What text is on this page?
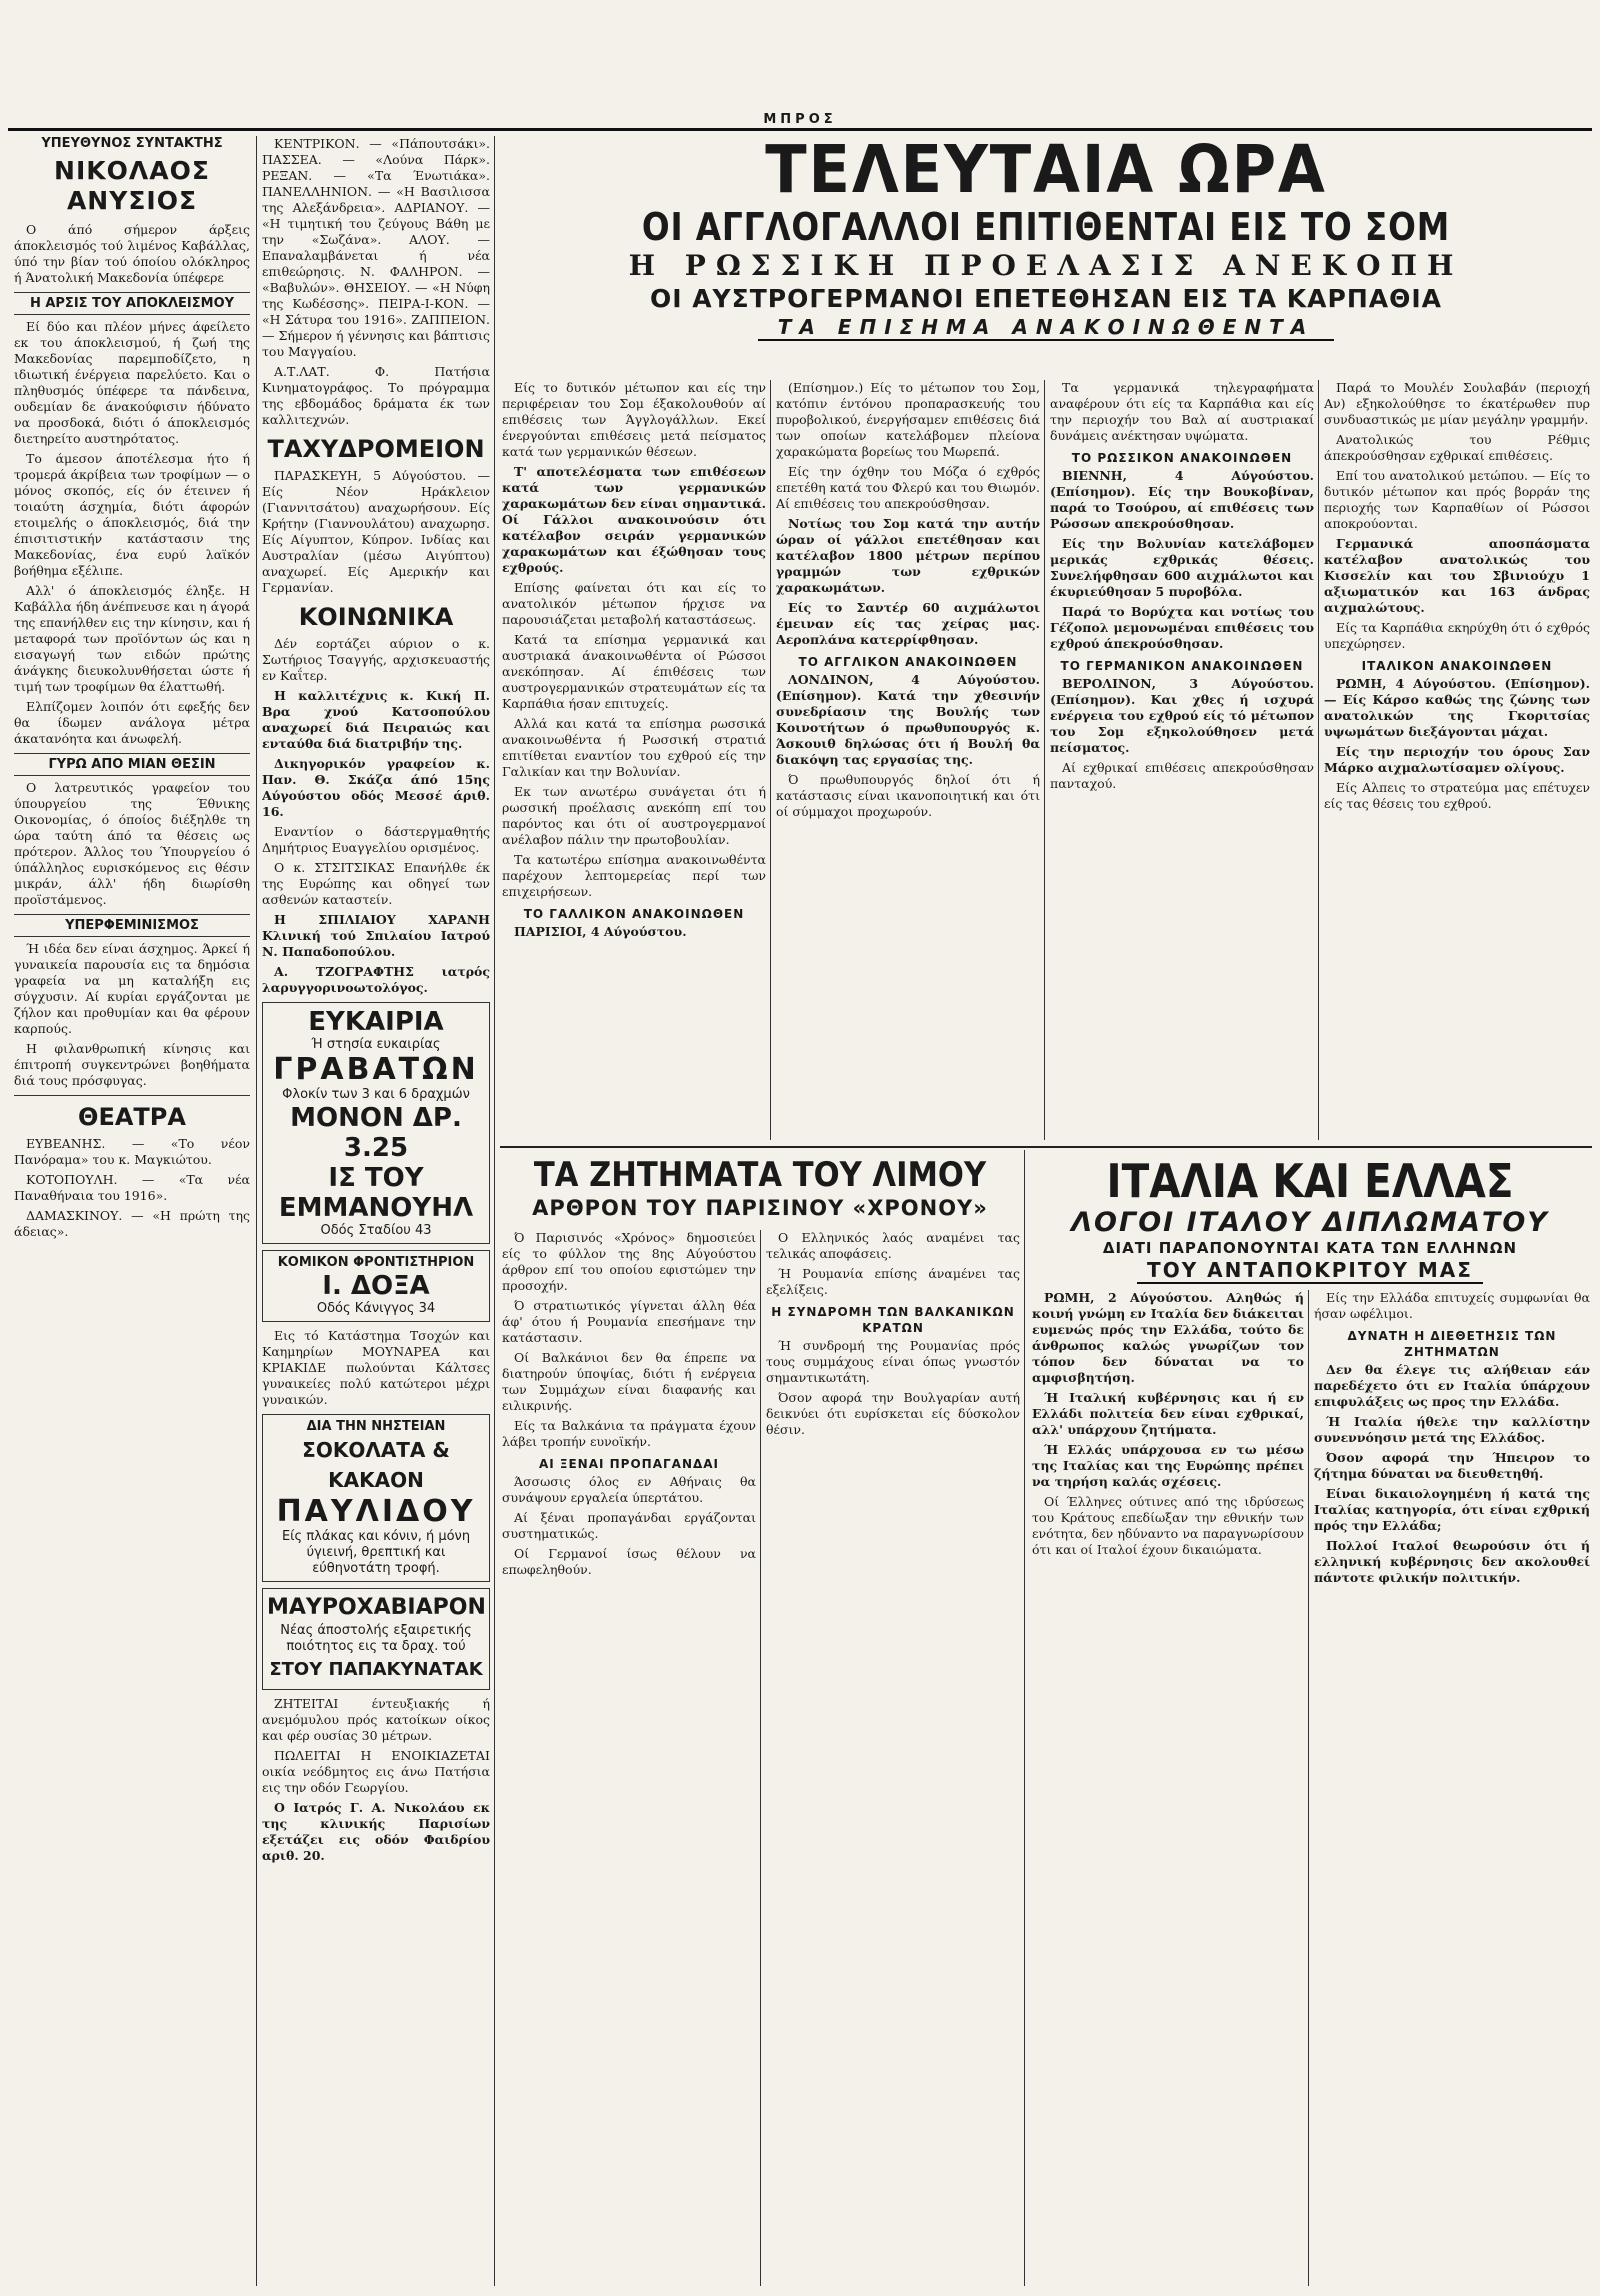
ΜΠΡΟΣ

ΥΠΕΥΘΥΝΟΣ ΣΥΝΤΑΚΤΗΣ

ΝΙΚΟΛΑΟΣ ΑΝΥΣΙΟΣ

Ο άπό σήμερον άρξεις άποκλεισμός τού λιμένος Καβάλλας, ύπό την βίαν τού όποίου ολόκληρος ή Άνατολική Μακεδονία ύπέφερε

Η ΑΡΣΙΣ ΤΟΥ ΑΠΟΚΛΕΙΣΜΟΥ

Εί δύο και πλέον μήνες άφείλετο εκ του άποκλεισμού, ή ζωή της Μακεδονίας παρεμποδίζετο, η ιδιωτική ένέργεια παρελύετο. Και ο πληθυσμός ύπέφερε τα πάνδεινα, ουδεμίαν δε άνακούφισιν ήδύνατο να προσδοκά, διότι ό άποκλεισμός διετηρείτο αυστηρότατος.

Το άμεσον άποτέλεσμα ήτο ή τρομερά άκρίβεια των τροφίμων — ο μόνος σκοπός, είς όν έτεινεν ή τοιαύτη άσχημία, διότι άφορών ετοιμελής ο άποκλεισμός, διά την έπισιτιστικήν κατάστασιν της Μακεδονίας, ένα ευρύ λαϊκόν βοήθημα εξέλιπε.

Αλλ' ό άποκλεισμός έληξε. Η Καβάλλα ήδη άνέπνευσε και η άγορά της επανήλθεν εις την κίνησιν, και ή μεταφορά των προϊόντων ώς και η εισαγωγή των ειδών πρώτης άνάγκης διευκολυνθήσεται ώστε ή τιμή των τροφίμων θα έλαττωθή.

Ελπίζομεν λοιπόν ότι εφεξής δεν θα ίδωμεν ανάλογα μέτρα άκατανόητα και άνωφελή.

ΓΥΡΩ ΑΠΟ ΜΙΑΝ ΘΕΣΙΝ

Ο λατρευτικός γραφείον του ύπουργείου της Έθνικης Οικονομίας, ό όποίος διέξηλθε τη ώρα ταύτη άπό τα θέσεις ως πρότερον. Άλλος του Ύπουργείου ό ύπάλληλος ευρισκόμενος εις θέσιν μικράν, άλλ' ήδη διωρίσθη προϊστάμενος.

ΥΠΕΡΦΕΜΙΝΙΣΜΟΣ

Ή ιδέα δεν είναι άσχημος. Άρκεί ή γυναικεία παρουσία εις τα δημόσια γραφεία να μη καταλήξη εις σύγχυσιν. Αί κυρίαι εργάζονται με ζήλον και προθυμίαν και θα φέρουν καρπούς.

Η φιλανθρωπική κίνησις και έπιτροπή συγκεντρώνει βοηθήματα διά τους πρόσφυγας.

ΘΕΑΤΡΑ

ΕΥΒΕΑΝΗΣ. — «Το νέον Πανόραμα» του κ. Μαγκιώτου.

ΚΟΤΟΠΟΥΛΗ. — «Τα νέα Παναθήναια του 1916».

ΔΑΜΑΣΚΙΝΟΥ. — «Η πρώτη της άδειας».

ΚΕΝΤΡΙΚΟΝ. — «Πάπουτσάκι». ΠΑΣΣΕΑ. — «Λούνα Πάρκ». ΡΕΞΑΝ. — «Τα Ένωτιάκα». ΠΑΝΕΛΛΗΝΙΟΝ. — «Η Βασιλισσα της Αλεξάνδρεια». ΑΔΡΙΑΝΟΥ. — «Η τιμητική του ζεύγους Βάθη με την «Σωζάνα». ΑΛΟΥ. — Επαναλαμβάνεται ή νέα επιθεώρησις. Ν. ΦΑΛΗΡΟΝ. — «Βαβυλών». ΘΗΣΕΙΟΥ. — «Η Νύφη της Κωδέσσης». ΠΕΙΡΑ-Ι-ΚΟΝ. — «Η Σάτυρα του 1916». ΖΑΠΠΕΙΟΝ. — Σήμερον ή γέννησις και βάπτισις του Μαγγαίου.

Α.Τ.ΛΑΤ. Φ. Πατήσια Κινηματογράφος. Το πρόγραμμα της εβδομάδος δράματα έκ των καλλιτεχνών.

ΤΑΧΥΔΡΟΜΕΙΟΝ

ΠΑΡΑΣΚΕΥΗ, 5 Αύγούστου. — Είς Νέον Ηράκλειον (Γιαννιτσάτου) αναχωρήσουν. Είς Κρήτην (Γιαννουλάτου) αναχωρησ. Είς Αίγυπτον, Κύπρον. Ινδίας και Αυστραλίαν (μέσω Αιγύπτου) αναχωρεί. Είς Αμερικήν και Γερμανίαν.

ΚΟΙΝΩΝΙΚΑ

Δέν εορτάζει αύριον ο κ. Σωτήριος Τσαγγής, αρχισκευαστής εν Καΐτερ.

Η καλλιτέχνις κ. Κική Π. Βρα χνού Κατσοπούλου αναχωρεί διά Πειραιώς και ενταύθα διά διατριβήν της.

Δικηγορικόν γραφείον κ. Παν. Θ. Σκάζα άπό 15ης Αύγούστου οδός Μεσσέ άριθ. 16.

Εναντίον ο δάστεργμαθητής Δημήτριος Ευαγγελίου ορισμένος.

Ο κ. ΣΤΣΙΤΣΙΚΑΣ Επανήλθε έκ της Ευρώπης και οδηγεί των ασθενών καταστείν.

Η ΣΠΙΛΙΑΙΟΥ ΧΑΡΑΝΗ Κλινική τού Σπιλαίου Ιατρού Ν. Παπαδοπούλου.

Α. ΤΖΟΓΡΑΦΤΗΣ ιατρός λαρυγγορινοωτολόγος.

ΕΥΚΑΙΡΙΑ
Ή στησία ευκαιρίας
ΓΡΑΒΑΤΩΝ
Φλοκίν των 3 και 6 δραχμών
ΜΟΝΟΝ ΔΡ. 3.25
ΙΣ ΤΟΥ ΕΜΜΑΝΟΥΗΛ
Οδός Σταδίου 43
ΚΟΜΙΚΟΝ ΦΡΟΝΤΙΣΤΗΡΙΟΝ
Ι. ΔΟΞΑ
Οδός Κάνιγγος 34

Εις τό Κατάστημα Τσοχών και Καημηρίων ΜΟΥΝΑΡΕΑ και ΚΡΙΑΚΙΔΕ πωλούνται Κάλτσες γυναικείες πολύ κατώτεροι μέχρι γυναικών.

ΔΙΑ ΤΗΝ ΝΗΣΤΕΙΑΝ
ΣΟΚΟΛΑΤΑ & ΚΑΚΑΟΝ
ΠΑΥΛΙΔΟΥ
Είς πλάκας και κόνιν, ή μόνη ύγιεινή, θρεπτική και εύθηνοτάτη τροφή.
ΜΑΥΡΟΧΑΒΙΑΡΟΝ
Νέας άποστολής εξαιρετικής ποιότητος εις τα δραχ. τού
ΣΤΟΥ ΠΑΠΑΚΥΝΑΤΑΚ

ΖΗΤΕΙΤΑΙ έντευξιακής ή ανεμόμυλου πρός κατοίκων οίκος και φέρ ουσίας 30 μέτρων.

ΠΩΛΕΙΤΑΙ Η ΕΝΟΙΚΙΑΖΕΤΑΙ οικία νεόδμητος εις άνω Πατήσια εις την οδόν Γεωργίου.

Ο Ιατρός Γ. Α. Νικολάου εκ της κλινικής Παρισίων εξετάζει εις οδόν Φαιδρίου αριθ. 20.

ΤΕΛΕΥΤΑΙΑ ΩΡΑ
ΟΙ ΑΓΓΛΟΓΑΛΛΟΙ ΕΠΙΤΙΘΕΝΤΑΙ ΕΙΣ ΤΟ ΣΟΜ
Η ΡΩΣΣΙΚΗ ΠΡΟΕΛΑΣΙΣ ΑΝΕΚΟΠΗ
ΟΙ ΑΥΣΤΡΟΓΕΡΜΑΝΟΙ ΕΠΕΤΕΘΗΣΑΝ ΕΙΣ ΤΑ ΚΑΡΠΑΘΙΑ
ΤΑ ΕΠΙΣΗΜΑ ΑΝΑΚΟΙΝΩΘΕΝΤΑ

Είς το δυτικόν μέτωπον και είς την περιφέρειαν του Σομ έξακολουθούν αί επιθέσεις των Άγγλογάλλων. Εκεί ένεργούνται επιθέσεις μετά πείσματος κατά των γερμανικών θέσεων.

Τ' αποτελέσματα των επιθέσεων κατά των γερμανικών χαρακωμάτων δεν είναι σημαντικά. Οί Γάλλοι ανακοινούσιν ότι κατέλαβον σειράν γερμανικών χαρακωμάτων και έξώθησαν τους εχθρούς.

Επίσης φαίνεται ότι και είς το ανατολικόν μέτωπον ήρχισε να παρουσιάζεται μεταβολή καταστάσεως.

Κατά τα επίσημα γερμανικά και αυστριακά άνακοινωθέντα οί Ρώσσοι ανεκόπησαν. Αί έπιθέσεις των αυστρογερμανικών στρατευμάτων είς τα Καρπάθια ήσαν επιτυχείς.

Αλλά και κατά τα επίσημα ρωσσικά ανακοινωθέντα ή Ρωσσική στρατιά επιτίθεται εναντίον του εχθρού είς την Γαλικίαν και την Βολυνίαν.

Εκ των ανωτέρω συνάγεται ότι ή ρωσσική προέλασις ανεκόπη επί του παρόντος και ότι οί αυστρογερμανοί ανέλαβον πάλιν την πρωτοβουλίαν.

Τα κατωτέρω επίσημα ανακοινωθέντα παρέχουν λεπτομερείας περί των επιχειρήσεων.

ΤΟ ΓΑΛΛΙΚΟΝ ΑΝΑΚΟΙΝΩΘΕΝ

ΠΑΡΙΣΙΟΙ, 4 Αύγούστου.

(Επίσημον.) Είς το μέτωπον του Σομ, κατόπιν έντόνου προπαρασκευής του πυροβολικού, ένεργήσαμεν επιθέσεις διά των οποίων κατελάβομεν πλείονα χαρακώματα βορείως του Μωρεπά.

Είς την όχθην του Μόζα ό εχθρός επετέθη κατά του Φλερύ και του Θιωμόν. Αί επιθέσεις του απεκρούσθησαν.

Νοτίως του Σομ κατά την αυτήν ώραν οί γάλλοι επετέθησαν και κατέλαβον 1800 μέτρων περίπου γραμμών των εχθρικών χαρακωμάτων.

Είς το Σαντέρ 60 αιχμάλωτοι έμειναν είς τας χείρας μας. Αεροπλάνα κατερρίφθησαν.

ΤΟ ΑΓΓΛΙΚΟΝ ΑΝΑΚΟΙΝΩΘΕΝ

ΛΟΝΔΙΝΟΝ, 4 Αύγούστου. (Επίσημον). Κατά την χθεσινήν συνεδρίασιν της Βουλής των Κοινοτήτων ό πρωθυπουργός κ. Άσκουιθ δηλώσας ότι ή Βουλή θα διακόψη τας εργασίας της.

Ό πρωθυπουργός δηλοί ότι ή κατάστασις είναι ικανοποιητική και ότι οί σύμμαχοι προχωρούν.

Τα γερμανικά τηλεγραφήματα αναφέρουν ότι είς τα Καρπάθια και είς την περιοχήν του Βαλ αί αυστριακαί δυνάμεις ανέκτησαν υψώματα.

ΤΟ ΡΩΣΣΙΚΟΝ ΑΝΑΚΟΙΝΩΘΕΝ

ΒΙΕΝΝΗ, 4 Αύγούστου. (Επίσημον). Είς την Βουκοβίναν, παρά το Τσούρου, αί επιθέσεις των Ρώσσων απεκρούσθησαν.

Είς την Βολυνίαν κατελάβομεν μερικάς εχθρικάς θέσεις. Συνελήφθησαν 600 αιχμάλωτοι και έκυριεύθησαν 5 πυροβόλα.

Παρά το Βορύχτα και νοτίως του Γέζοπολ μεμονωμέναι επιθέσεις του εχθρού άπεκρούσθησαν.

ΤΟ ΓΕΡΜΑΝΙΚΟΝ ΑΝΑΚΟΙΝΩΘΕΝ

ΒΕΡΟΛΙΝΟΝ, 3 Αύγούστου. (Επίσημον). Και χθες ή ισχυρά ενέργεια του εχθρού είς τό μέτωπον του Σομ εξηκολούθησεν μετά πείσματος.

Αί εχθρικαί επιθέσεις απεκρούσθησαν πανταχού.

Παρά το Μουλέν Σουλαβάν (περιοχή Αν) εξηκολούθησε το έκατέρωθεν πυρ συνδυαστικώς με μίαν μεγάλην γραμμήν.

Ανατολικώς του Ρέθμις άπεκρούσθησαν εχθρικαί επιθέσεις.

Επί του ανατολικού μετώπου. — Είς το δυτικόν μέτωπον και πρός βορράν της περιοχής των Καρπαθίων οί Ρώσσοι αποκρούονται.

Γερμανικά αποσπάσματα κατέλαβον ανατολικώς του Κισσελίν και του Σβινιούχυ 1 αξιωματικόν και 163 άνδρας αιχμαλώτους.

Είς τα Καρπάθια εκηρύχθη ότι ό εχθρός υπεχώρησεν.

ΙΤΑΛΙΚΟΝ ΑΝΑΚΟΙΝΩΘΕΝ

ΡΩΜΗ, 4 Αύγούστου. (Επίσημον). — Είς Κάρσο καθώς της ζώνης των ανατολικών της Γκοριτσίας υψωμάτων διεξάγονται μάχαι.

Είς την περιοχήν του όρους Σαν Μάρκο αιχμαλωτίσαμεν ολίγους.

Είς Αλπεις το στρατεύμα μας επέτυχεν είς τας θέσεις του εχθρού.

ΤΑ ΖΗΤΗΜΑΤΑ ΤΟΥ ΛΙΜΟΥ
ΑΡΘΡΟΝ ΤΟΥ ΠΑΡΙΣΙΝΟΥ «ΧΡΟΝΟΥ»

Ό Παρισινός «Χρόνος» δημοσιεύει είς το φύλλον της 8ης Αύγούστου άρθρον επί του οποίου εφιστώμεν την προσοχήν.

Ό στρατιωτικός γίγνεται άλλη θέα άφ' ότου ή Ρουμανία επεσήμανε την κατάστασιν.

Οί Βαλκάνιοι δεν θα έπρεπε να διατηρούν ύποψίας, διότι ή ενέργεια των Συμμάχων είναι διαφανής και ειλικρινής.

Είς τα Βαλκάνια τα πράγματα έχουν λάβει τροπήν ευνοϊκήν.

ΑΙ ΞΕΝΑΙ ΠΡΟΠΑΓΑΝΔΑΙ

Άσσωσις όλος εν Αθήναις θα συνάψουν εργαλεία ύπερτάτου.

Αί ξέναι προπαγάνδαι εργάζονται συστηματικώς.

Οί Γερμανοί ίσως θέλουν να επωφεληθούν.

Ο Ελληνικός λαός αναμένει τας τελικάς αποφάσεις.

Ή Ρουμανία επίσης άναμένει τας εξελίξεις.

Η ΣΥΝΔΡΟΜΗ ΤΩΝ ΒΑΛΚΑΝΙΚΩΝ ΚΡΑΤΩΝ

Ή συνδρομή της Ρουμανίας πρός τους συμμάχους είναι όπως γνωστόν σημαντικωτάτη.

Όσον αφορά την Βουλγαρίαν αυτή δεικνύει ότι ευρίσκεται είς δύσκολον θέσιν.

ΙΤΑΛΙΑ ΚΑΙ ΕΛΛΑΣ
ΛΟΓΟΙ ΙΤΑΛΟΥ ΔΙΠΛΩΜΑΤΟΥ
ΔΙΑΤΙ ΠΑΡΑΠΟΝΟΥΝΤΑΙ ΚΑΤΑ ΤΩΝ ΕΛΛΗΝΩΝ
ΤΟΥ ΑΝΤΑΠΟΚΡΙΤΟΥ ΜΑΣ

ΡΩΜΗ, 2 Αύγούστου. Αληθώς ή κοινή γνώμη εν Ιταλία δεν διάκειται ευμενώς πρός την Ελλάδα, τούτο δε άνθρωπος καλώς γνωρίζων τον τόπον δεν δύναται να το αμφισβητήση.

Ή Ιταλική κυβέρνησις και ή εν Ελλάδι πολιτεία δεν είναι εχθρικαί, αλλ' υπάρχουν ζητήματα.

Ή Ελλάς υπάρχουσα εν τω μέσω της Ιταλίας και της Ευρώπης πρέπει να τηρήση καλάς σχέσεις.

Οί Έλληνες ούτινες από της ιδρύσεως του Κράτους επεδίωξαν την εθνικήν των ενότητα, δεν ηδύναντο να παραγνωρίσουν ότι και οί Ιταλοί έχουν δικαιώματα.

Είς την Ελλάδα επιτυχείς συμφωνίαι θα ήσαν ωφέλιμοι.

ΔΥΝΑΤΗ Η ΔΙΕΘΕΤΗΣΙΣ ΤΩΝ ΖΗΤΗΜΑΤΩΝ

Δεν θα έλεγε τις αλήθειαν εάν παρεδέχετο ότι εν Ιταλία ύπάρχουν επιφυλάξεις ως προς την Ελλάδα.

Ή Ιταλία ήθελε την καλλίστην συνεννόησιν μετά της Ελλάδος.

Όσον αφορά την Ήπειρον το ζήτημα δύναται να διευθετηθή.

Είναι δικαιολογημένη ή κατά της Ιταλίας κατηγορία, ότι είναι εχθρική πρός την Ελλάδα;

Πολλοί Ιταλοί θεωρούσιν ότι ή ελληνική κυβέρνησις δεν ακολουθεί πάντοτε φιλικήν πολιτικήν.
